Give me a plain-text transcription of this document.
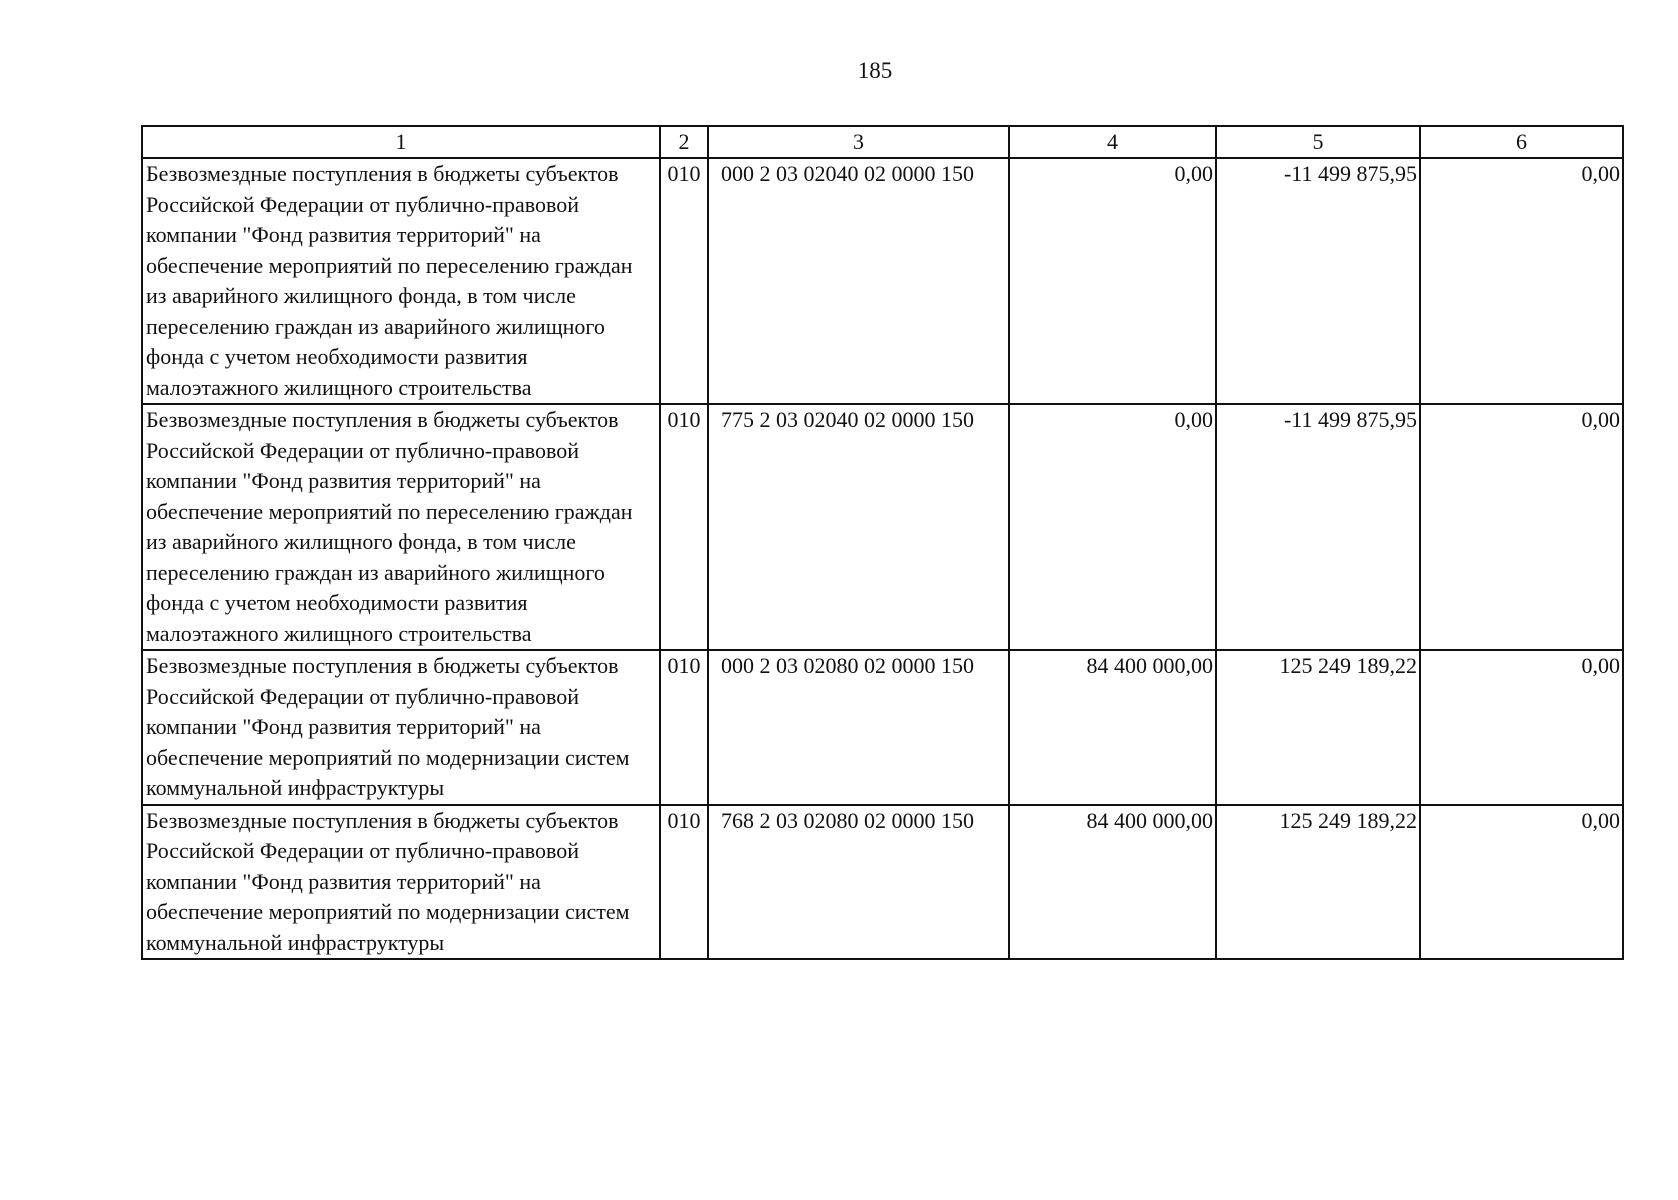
185
1	2	3	4	5	6
Безвозмездные поступления в бюджеты субъектов Российской Федерации от публично-правовой компании "Фонд развития территорий" на обеспечение мероприятий по переселению граждан из аварийного жилищного фонда, в том числе переселению граждан из аварийного жилищного фонда с учетом необходимости развития малоэтажного жилищного строительства	010	000 2 03 02040 02 0000 150	0,00	-11 499 875,95	0,00
Безвозмездные поступления в бюджеты субъектов Российской Федерации от публично-правовой компании "Фонд развития территорий" на обеспечение мероприятий по переселению граждан из аварийного жилищного фонда, в том числе переселению граждан из аварийного жилищного фонда с учетом необходимости развития малоэтажного жилищного строительства	010	775 2 03 02040 02 0000 150	0,00	-11 499 875,95	0,00
Безвозмездные поступления в бюджеты субъектов Российской Федерации от публично-правовой компании "Фонд развития территорий" на обеспечение мероприятий по модернизации систем коммунальной инфраструктуры	010	000 2 03 02080 02 0000 150	84 400 000,00	125 249 189,22	0,00
Безвозмездные поступления в бюджеты субъектов Российской Федерации от публично-правовой компании "Фонд развития территорий" на обеспечение мероприятий по модернизации систем коммунальной инфраструктуры	010	768 2 03 02080 02 0000 150	84 400 000,00	125 249 189,22	0,00
